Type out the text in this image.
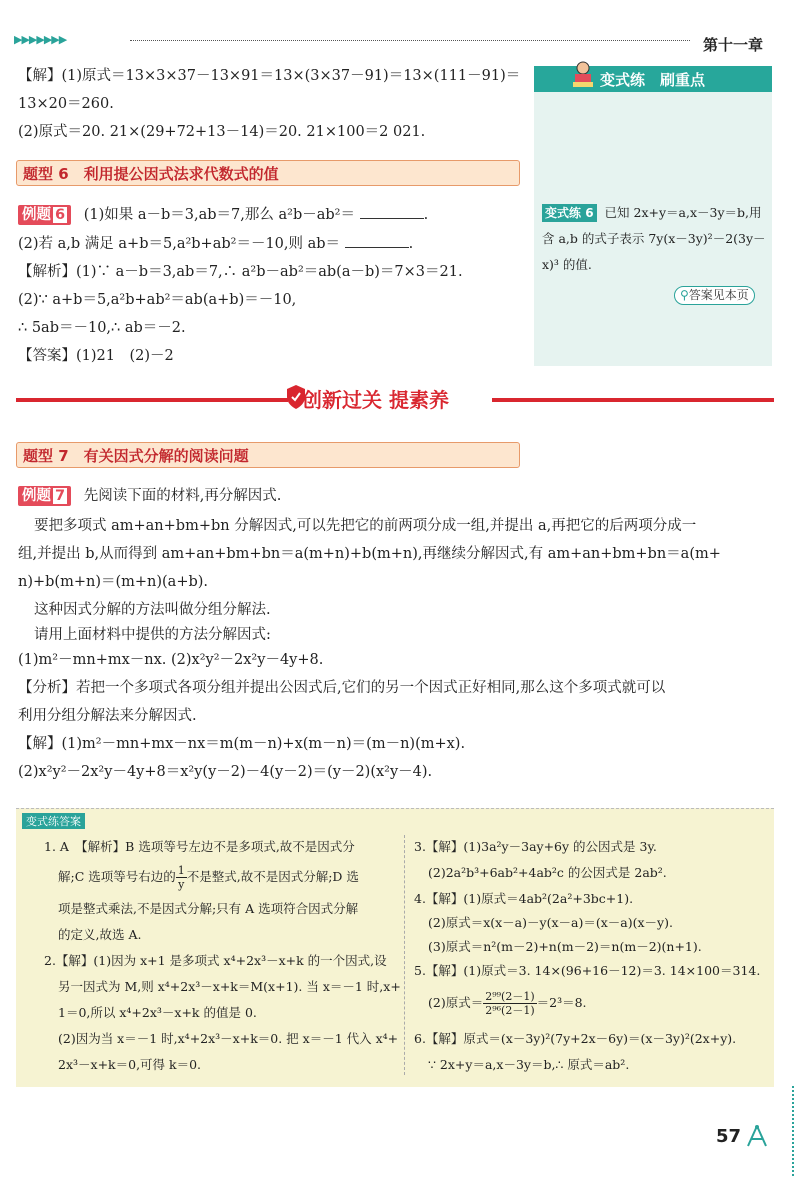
▶▶▶▶▶▶▶	第十一章
【解】(1)原式＝13×3×37－13×91＝13×(3×37－91)＝13×(111－91)＝
13×20＝260.
(2)原式＝20. 21×(29+72+13－14)＝20. 21×100＝2 021.
题型 6　利用提公因式法求代数式的值
例题 6 (1)如果 a－b＝3,ab＝7,那么 a²b－ab²＝	.
(2)若 a,b 满足 a+b＝5,a²b+ab²＝－10,则 ab＝	.
【解析】(1)∵ a－b＝3,ab＝7,∴ a²b－ab²＝ab(a－b)＝7×3＝21.
(2)∵ a+b＝5,a²b+ab²＝ab(a+b)＝－10,
∴ 5ab＝－10,∴ ab＝－2.
【答案】(1)21　(2)－2
变式练　刷重点
变式练 6 已知 2x+y＝a,x－3y＝b,用
含 a,b 的式子表示 7y(x－3y)²－2(3y－
x)³ 的值.
⚲答案见本页
创新过关 提素养
题型 7　有关因式分解的阅读问题
例题 7 先阅读下面的材料,再分解因式.
要把多项式 am+an+bm+bn 分解因式,可以先把它的前两项分成一组,并提出 a,再把它的后两项分成一
组,并提出 b,从而得到 am+an+bm+bn＝a(m+n)+b(m+n),再继续分解因式,有 am+an+bm+bn＝a(m+
n)+b(m+n)＝(m+n)(a+b).
这种因式分解的方法叫做分组分解法.
请用上面材料中提供的方法分解因式:
(1)m²－mn+mx－nx. (2)x²y²－2x²y－4y+8.
【分析】若把一个多项式各项分组并提出公因式后,它们的另一个因式正好相同,那么这个多项式就可以
利用分组分解法来分解因式.
【解】(1)m²－mn+mx－nx＝m(m－n)+x(m－n)＝(m－n)(m+x).
(2)x²y²－2x²y－4y+8＝x²y(y－2)－4(y－2)＝(y－2)(x²y－4).
变式练答案
1. A　【解析】B 选项等号左边不是多项式,故不是因式分
解;C 选项等号右边的 $\frac{1}{y}$不是整式,故不是因式分解;D 选
项是整式乘法,不是因式分解;只有 A 选项符合因式分解
的定义,故选 A.
2.【解】(1)因为 x+1 是多项式 x⁴+2x³－x+k 的一个因式,设
另一因式为 M,则 x⁴+2x³－x+k＝M(x+1). 当 x＝－1 时,x+
1＝0,所以 x⁴+2x³－x+k 的值是 0.
(2)因为当 x＝－1 时,x⁴+2x³－x+k＝0. 把 x＝－1 代入 x⁴+
2x³－x+k＝0,可得 k＝0.
3.【解】(1)3a²y－3ay+6y 的公因式是 3y.
(2)2a²b³+6ab²+4ab²c 的公因式是 2ab².
4.【解】(1)原式＝4ab²(2a²+3bc+1).
(2)原式＝x(x－a)－y(x－a)＝(x－a)(x－y).
(3)原式＝n²(m－2)+n(m－2)＝n(m－2)(n+1).
5.【解】(1)原式＝3. 14×(96+16－12)＝3. 14×100＝314.
(2)原式＝ $\frac{\text{2⁹⁹(2－1)}}{\text{2⁹⁶(2－1)}}=2^3=8$.
6.【解】原式＝(x－3y)²(7y+2x－6y)＝(x－3y)²(2x+y).
∵ 2x+y＝a,x－3y＝b,∴ 原式＝ab².
57
